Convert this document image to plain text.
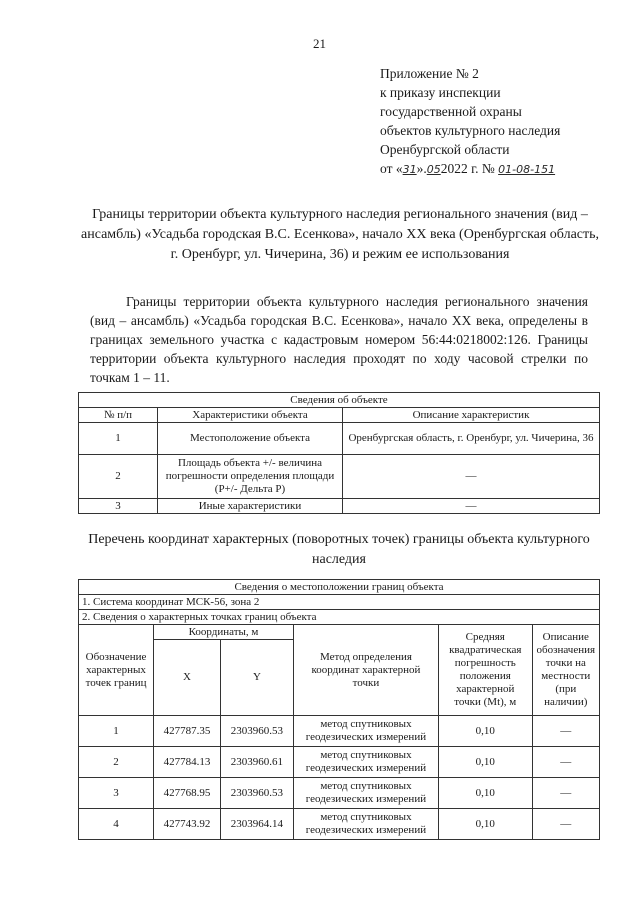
21
Приложение № 2
к приказу инспекции
государственной охраны
объектов культурного наследия
Оренбургской области
от «31».052022 г. № 01-08-151
Границы территории объекта культурного наследия регионального значения (вид – ансамбль) «Усадьба городская В.С. Есенкова», начало XX века (Оренбургская область, г. Оренбург, ул. Чичерина, 36) и режим ее использования
Границы территории объекта культурного наследия регионального значения (вид – ансамбль) «Усадьба городская В.С. Есенкова», начало XX века, определены в границах земельного участка с кадастровым номером 56:44:0218002:126. Границы территории объекта культурного наследия проходят по ходу часовой стрелки по точкам 1 – 11.
Сведения об объекте		
№ п/п	Характеристики объекта	Описание характеристик
1	Местоположение объекта	Оренбургская область, г. Оренбург, ул. Чичерина, 36
2	Площадь объекта +/- величина погрешности определения площади (Р+/- Дельта Р)	—
3	Иные характеристики	—
Перечень координат характерных (поворотных точек) границы объекта культурного наследия
Сведения о местоположении границ объекта					
1. Система координат МСК-56, зона 2					
2. Сведения о характерных точках границ объекта					
Обозначение характерных точек границ	Координаты, м		Метод определения координат характерной точки	Средняя квадратическая погрешность положения характерной точки (Mt), м	Описание обозначения точки на местности (при наличии)
	X	Y			
1	427787.35	2303960.53	метод спутниковых геодезических измерений	0,10	—
2	427784.13	2303960.61	метод спутниковых геодезических измерений	0,10	—
3	427768.95	2303960.53	метод спутниковых геодезических измерений	0,10	—
4	427743.92	2303964.14	метод спутниковых геодезических измерений	0,10	—
